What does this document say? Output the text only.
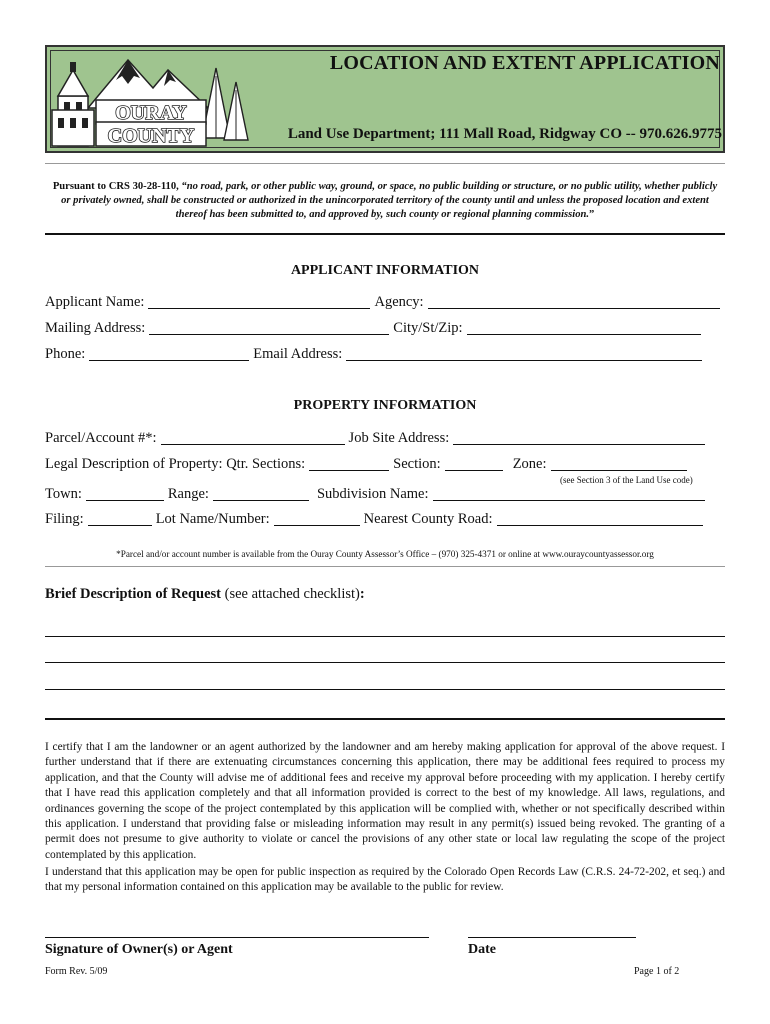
OURAY
COUNTY
LOCATION AND EXTENT APPLICATION
Land Use Department; 111 Mall Road, Ridgway CO -- 970.626.9775
Pursuant to CRS 30-28-110, “no road, park, or other public way, ground, or space, no public building or structure, or no public utility, whether publicly or privately owned, shall be constructed or authorized in the unincorporated territory of the county until and unless the proposed location and extent thereof has been submitted to, and approved by, such county or regional planning commission.”
APPLICANT INFORMATION
Applicant Name:	Agency:
Mailing Address:	City/St/Zip:
Phone:	Email Address:
PROPERTY INFORMATION
Parcel/Account #*:	Job Site Address:
Legal Description of Property: Qtr. Sections:	Section:	Zone:
(see Section 3 of the Land Use code)
Town:	Range:	Subdivision Name:
Filing:	Lot Name/Number:	Nearest County Road:
*Parcel and/or account number is available from the Ouray County Assessor’s Office – (970) 325-4371 or online at www.ouraycountyassessor.org
Brief Description of Request (see attached checklist):
I certify that I am the landowner or an agent authorized by the landowner and am hereby making application for approval of the above request. I further understand that if there are extenuating circumstances concerning this application, there may be additional fees required to process my application, and that the County will advise me of additional fees and receive my approval before proceeding with my application. I hereby certify that I have read this application completely and that all information provided is correct to the best of my knowledge. All laws, regulations, and ordinances governing the scope of the project contemplated by this application will be complied with, whether or not specifically described within this application. I understand that providing false or misleading information may result in any permit(s) issued being revoked. The granting of a permit does not presume to give authority to violate or cancel the provisions of any other state or local law regulating the scope of the project contemplated by this application.
I understand that this application may be open for public inspection as required by the Colorado Open Records Law (C.R.S. 24-72-202, et seq.) and that my personal information contained on this application may be available to the public for review.
Signature of Owner(s) or Agent	Date
Form Rev. 5/09	Page 1 of 2
